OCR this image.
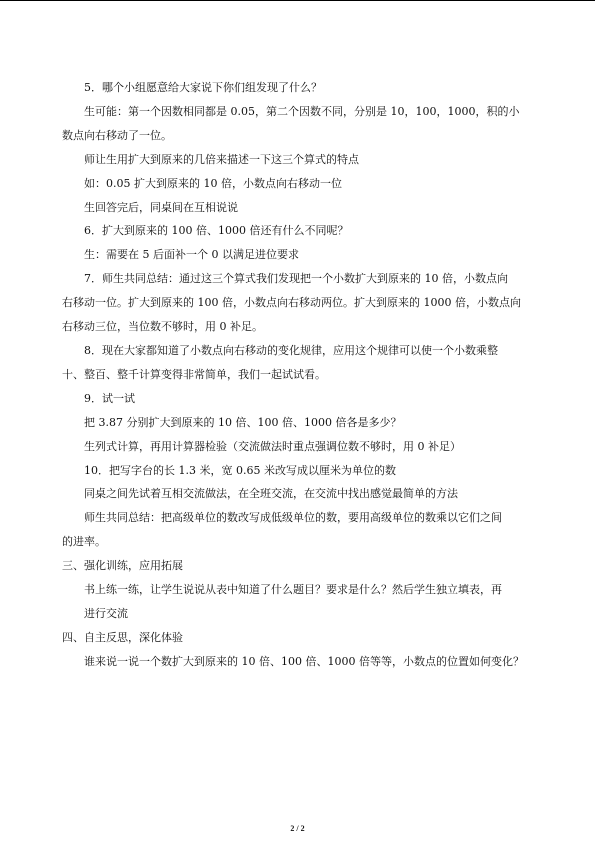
5．哪个小组愿意给大家说下你们组发现了什么？
生可能：第一个因数相同都是 0.05，第二个因数不同，分别是 10，100，1000，积的小
数点向右移动了一位。
师让生用扩大到原来的几倍来描述一下这三个算式的特点
如：0.05 扩大到原来的 10 倍，小数点向右移动一位
生回答完后，同桌间在互相说说
6．扩大到原来的 100 倍、1000 倍还有什么不同呢？
生：需要在 5 后面补一个 0 以满足进位要求
7．师生共同总结：通过这三个算式我们发现把一个小数扩大到原来的 10 倍，小数点向
右移动一位。扩大到原来的 100 倍，小数点向右移动两位。扩大到原来的 1000 倍，小数点向
右移动三位，当位数不够时，用 0 补足。
8．现在大家都知道了小数点向右移动的变化规律，应用这个规律可以使一个小数乘整
十、整百、整千计算变得非常简单，我们一起试试看。
9．试一试
把 3.87 分别扩大到原来的 10 倍、100 倍、1000 倍各是多少？
生列式计算，再用计算器检验（交流做法时重点强调位数不够时，用 0 补足）
10．把写字台的长 1.3 米，宽 0.65 米改写成以厘米为单位的数
同桌之间先试着互相交流做法，在全班交流，在交流中找出感觉最简单的方法
师生共同总结：把高级单位的数改写成低级单位的数，要用高级单位的数乘以它们之间
的进率。
三、强化训练，应用拓展
书上练一练，让学生说说从表中知道了什么题目？要求是什么？然后学生独立填表，再
进行交流
四、自主反思，深化体验
谁来说一说一个数扩大到原来的 10 倍、100 倍、1000 倍等等，小数点的位置如何变化？
2 / 2
